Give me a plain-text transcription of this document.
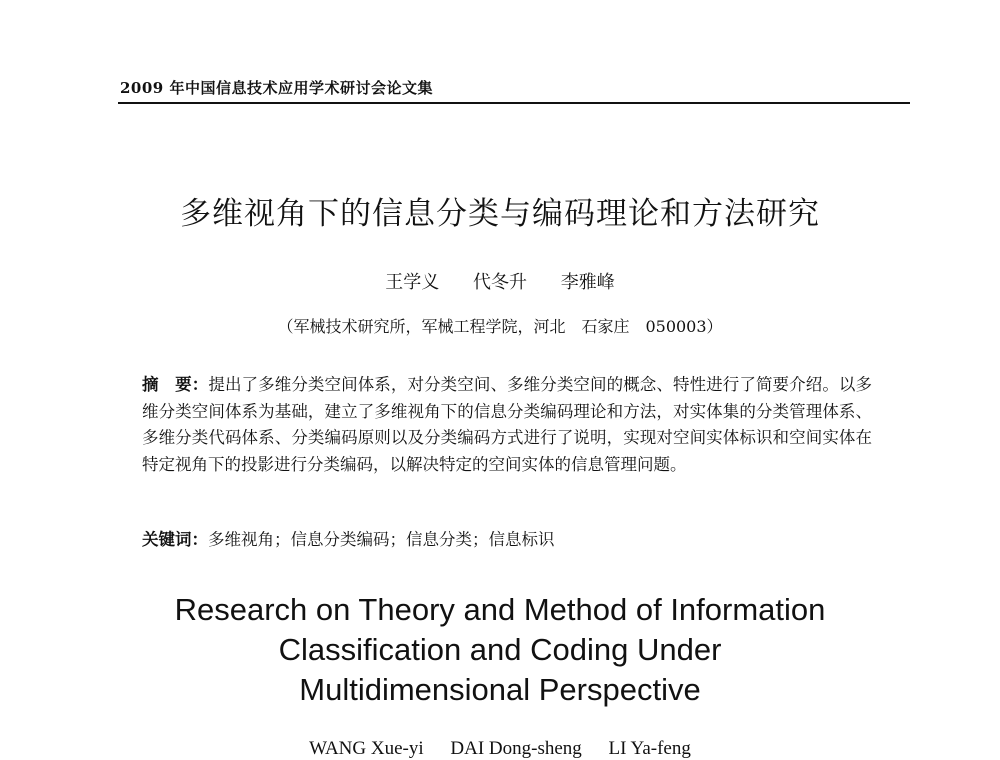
2009 年中国信息技术应用学术研讨会论文集
多维视角下的信息分类与编码理论和方法研究
王学义 代冬升 李雅峰
（军械技术研究所，军械工程学院，河北　石家庄　050003）
摘　要：提出了多维分类空间体系，对分类空间、多维分类空间的概念、特性进行了简要介绍。以多维分类空间体系为基础，建立了多维视角下的信息分类编码理论和方法，对实体集的分类管理体系、多维分类代码体系、分类编码原则以及分类编码方式进行了说明，实现对空间实体标识和空间实体在特定视角下的投影进行分类编码，以解决特定的空间实体的信息管理问题。
关键词：多维视角；信息分类编码；信息分类；信息标识
Research on Theory and Method of Information
Classification and Coding Under
Multidimensional Perspective
WANG Xue-yi DAI Dong-sheng LI Ya-feng
